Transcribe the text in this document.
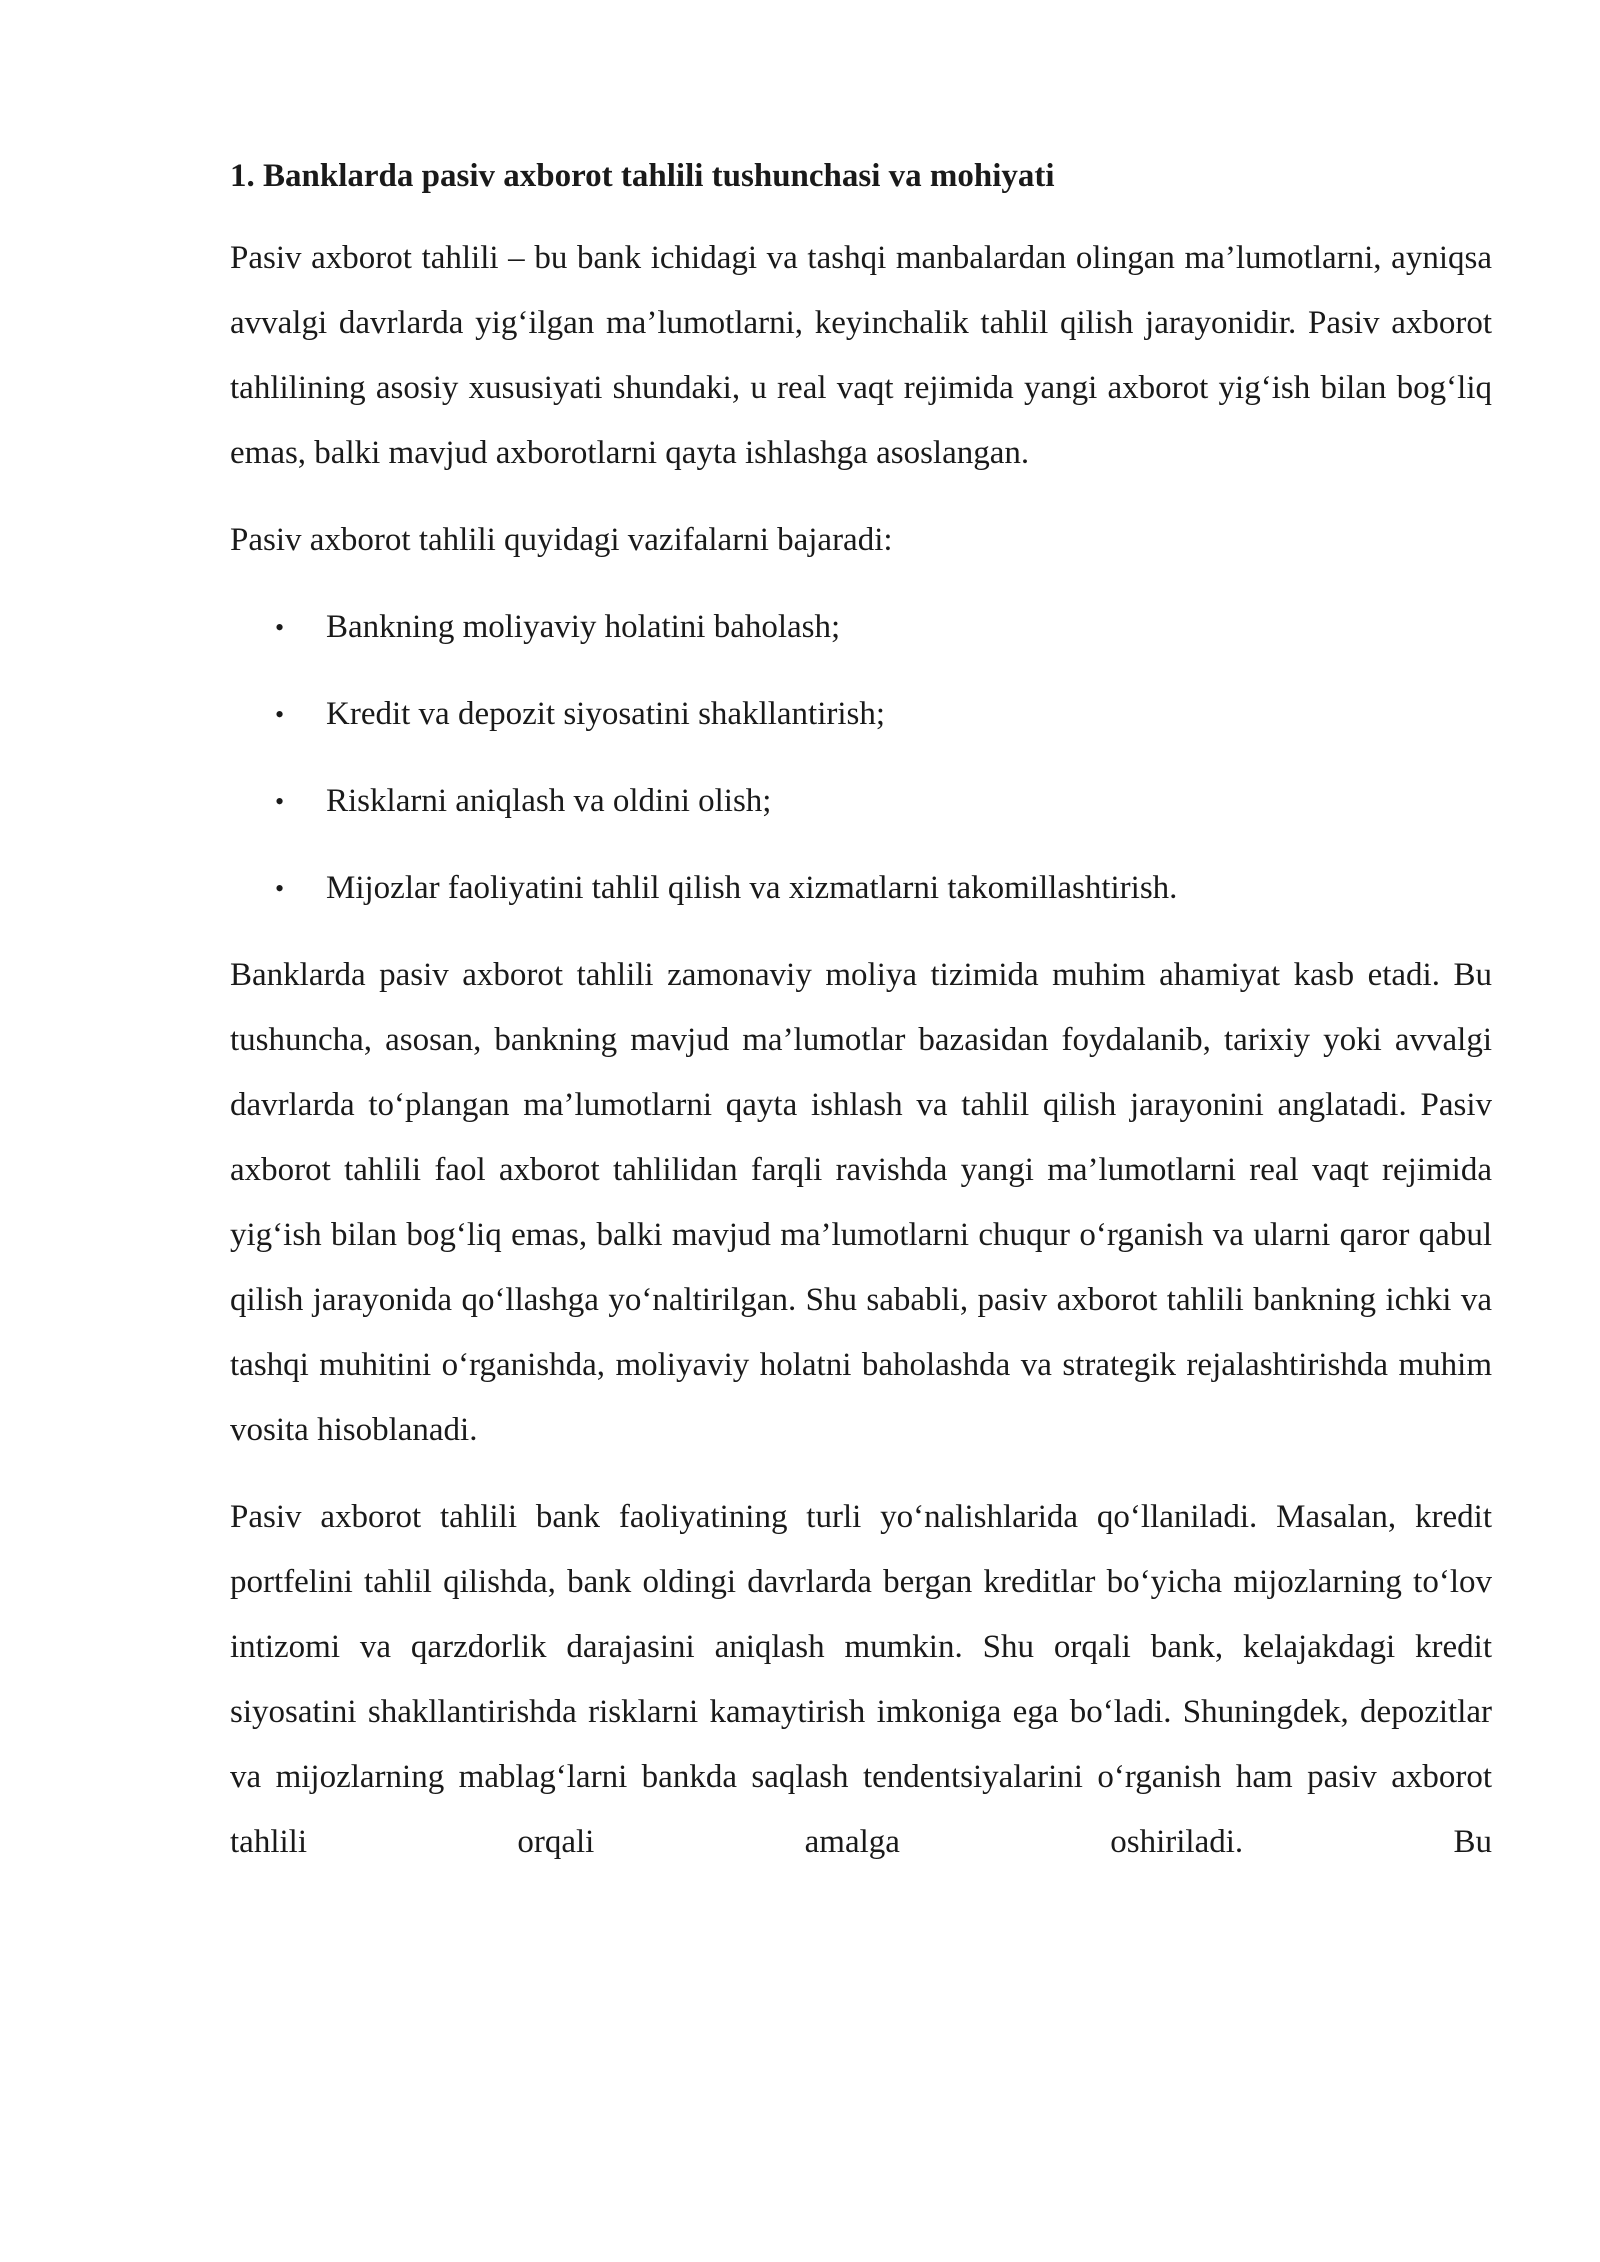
1. Banklarda pasiv axborot tahlili tushunchasi va mohiyati

Pasiv axborot tahlili – bu bank ichidagi va tashqi manbalardan olingan ma’lumotlarni, ayniqsa avvalgi davrlarda yig‘ilgan ma’lumotlarni, keyinchalik tahlil qilish jarayonidir. Pasiv axborot tahlilining asosiy xususiyati shundaki, u real vaqt rejimida yangi axborot yig‘ish bilan bog‘liq emas, balki mavjud axborotlarni qayta ishlashga asoslangan.

Pasiv axborot tahlili quyidagi vazifalarni bajaradi:

• Bankning moliyaviy holatini baholash;
• Kredit va depozit siyosatini shakllantirish;
• Risklarni aniqlash va oldini olish;
• Mijozlar faoliyatini tahlil qilish va xizmatlarni takomillashtirish.

Banklarda pasiv axborot tahlili zamonaviy moliya tizimida muhim ahamiyat kasb etadi. Bu tushuncha, asosan, bankning mavjud ma’lumotlar bazasidan foydalanib, tarixiy yoki avvalgi davrlarda to‘plangan ma’lumotlarni qayta ishlash va tahlil qilish jarayonini anglatadi. Pasiv axborot tahlili faol axborot tahlilidan farqli ravishda yangi ma’lumotlarni real vaqt rejimida yig‘ish bilan bog‘liq emas, balki mavjud ma’lumotlarni chuqur o‘rganish va ularni qaror qabul qilish jarayonida qo‘llashga yo‘naltirilgan. Shu sababli, pasiv axborot tahlili bankning ichki va tashqi muhitini o‘rganishda, moliyaviy holatni baholashda va strategik rejalashtirishda muhim vosita hisoblanadi.

Pasiv axborot tahlili bank faoliyatining turli yo‘nalishlarida qo‘llaniladi. Masalan, kredit portfelini tahlil qilishda, bank oldingi davrlarda bergan kreditlar bo‘yicha mijozlarning to‘lov intizomi va qarzdorlik darajasini aniqlash mumkin. Shu orqali bank, kelajakdagi kredit siyosatini shakllantirishda risklarni kamaytirish imkoniga ega bo‘ladi. Shuningdek, depozitlar va mijozlarning mablag‘larni bankda saqlash tendentsiyalarini o‘rganish ham pasiv axborot tahlili orqali amalga oshiriladi. Bu
